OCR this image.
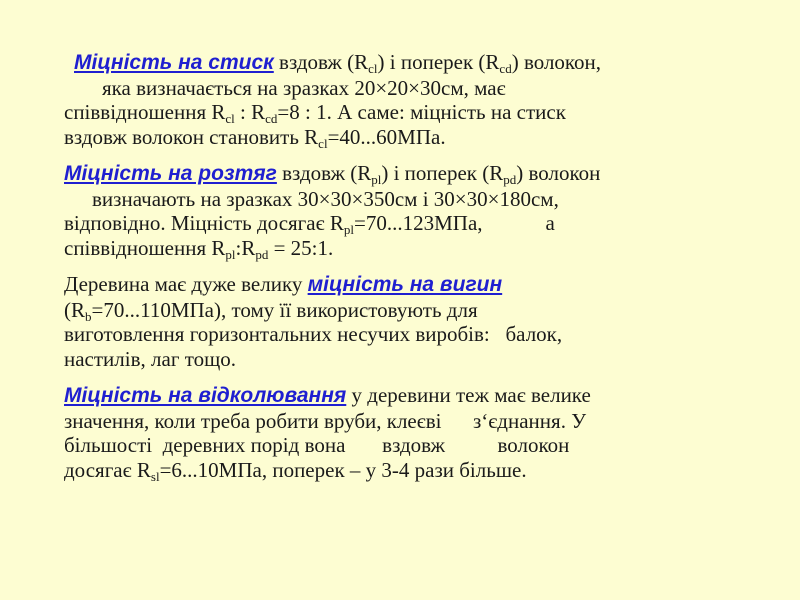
Міцність на стиск вздовж $(R_{cl})$ і поперек $(R_{cd})$ волокон,
яка визначається на зразках 20×20×30см, має
співвідношення $R_{cl}$ : $R_{cd}=8$ : 1. А саме: міцність на стиск
вздовж волокон становить $R_{cl}=40...60МПа$.
Міцність на розтяг вздовж $(R_{pl})$ і поперек $(R_{pd})$ волокон
визначають на зразках 30×30×350см і 30×30×180см,
відповідно. Міцність досягає $R_{pl}=70...123МПа$,            а
співвідношення $R_{pl}:R_{pd}$ = 25:1.
Деревина має дуже велику міцність на вигин
$(R_b=70...110МПа)$, тому її використовують для
виготовлення горизонтальних несучих виробів:   балок,
настилів, лаг тощо.
Міцність на відколювання у деревини теж має велике
значення, коли треба робити вруби, клеєві      з‘єднання. У
більшості  деревних порід вона       вздовж          волокон
досягає $R_{sl}=6...10МПа$, поперек – у 3-4 рази більше.
